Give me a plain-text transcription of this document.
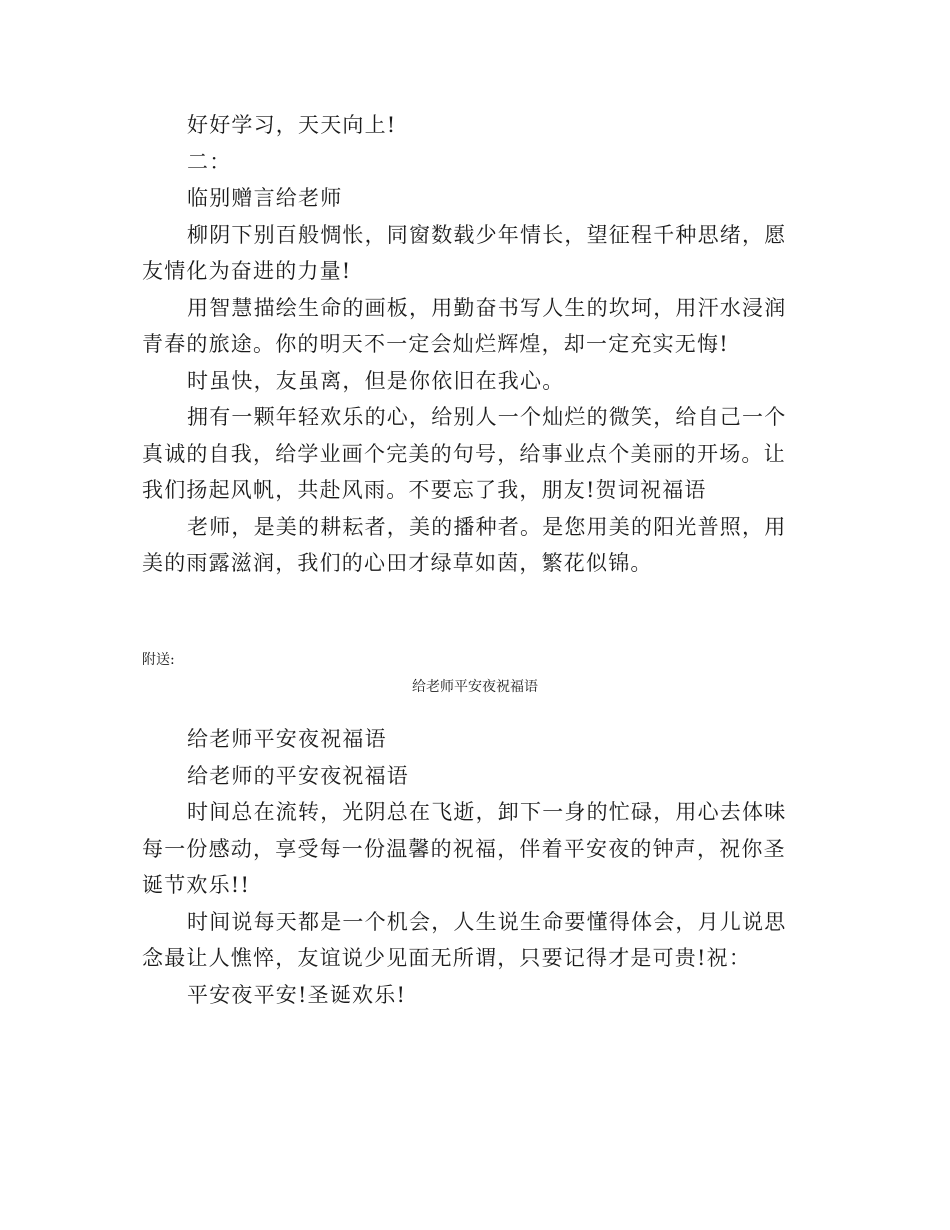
好好学习，天天向上!

二：

临别赠言给老师

柳阴下别百般惆怅，同窗数载少年情长，望征程千种思绪，愿友情化为奋进的力量!

用智慧描绘生命的画板，用勤奋书写人生的坎坷，用汗水浸润青春的旅途。你的明天不一定会灿烂辉煌，却一定充实无悔!

时虽快，友虽离，但是你依旧在我心。

拥有一颗年轻欢乐的心，给别人一个灿烂的微笑，给自己一个真诚的自我，给学业画个完美的句号，给事业点个美丽的开场。让我们扬起风帆，共赴风雨。不要忘了我，朋友!贺词祝福语

老师，是美的耕耘者，美的播种者。是您用美的阳光普照，用美的雨露滋润，我们的心田才绿草如茵，繁花似锦。

附送:
给老师平安夜祝福语

给老师平安夜祝福语

给老师的平安夜祝福语

时间总在流转，光阴总在飞逝，卸下一身的忙碌，用心去体味每一份感动，享受每一份温馨的祝福，伴着平安夜的钟声，祝你圣诞节欢乐!!

时间说每天都是一个机会，人生说生命要懂得体会，月儿说思念最让人憔悴，友谊说少见面无所谓，只要记得才是可贵!祝：

平安夜平安!圣诞欢乐!
